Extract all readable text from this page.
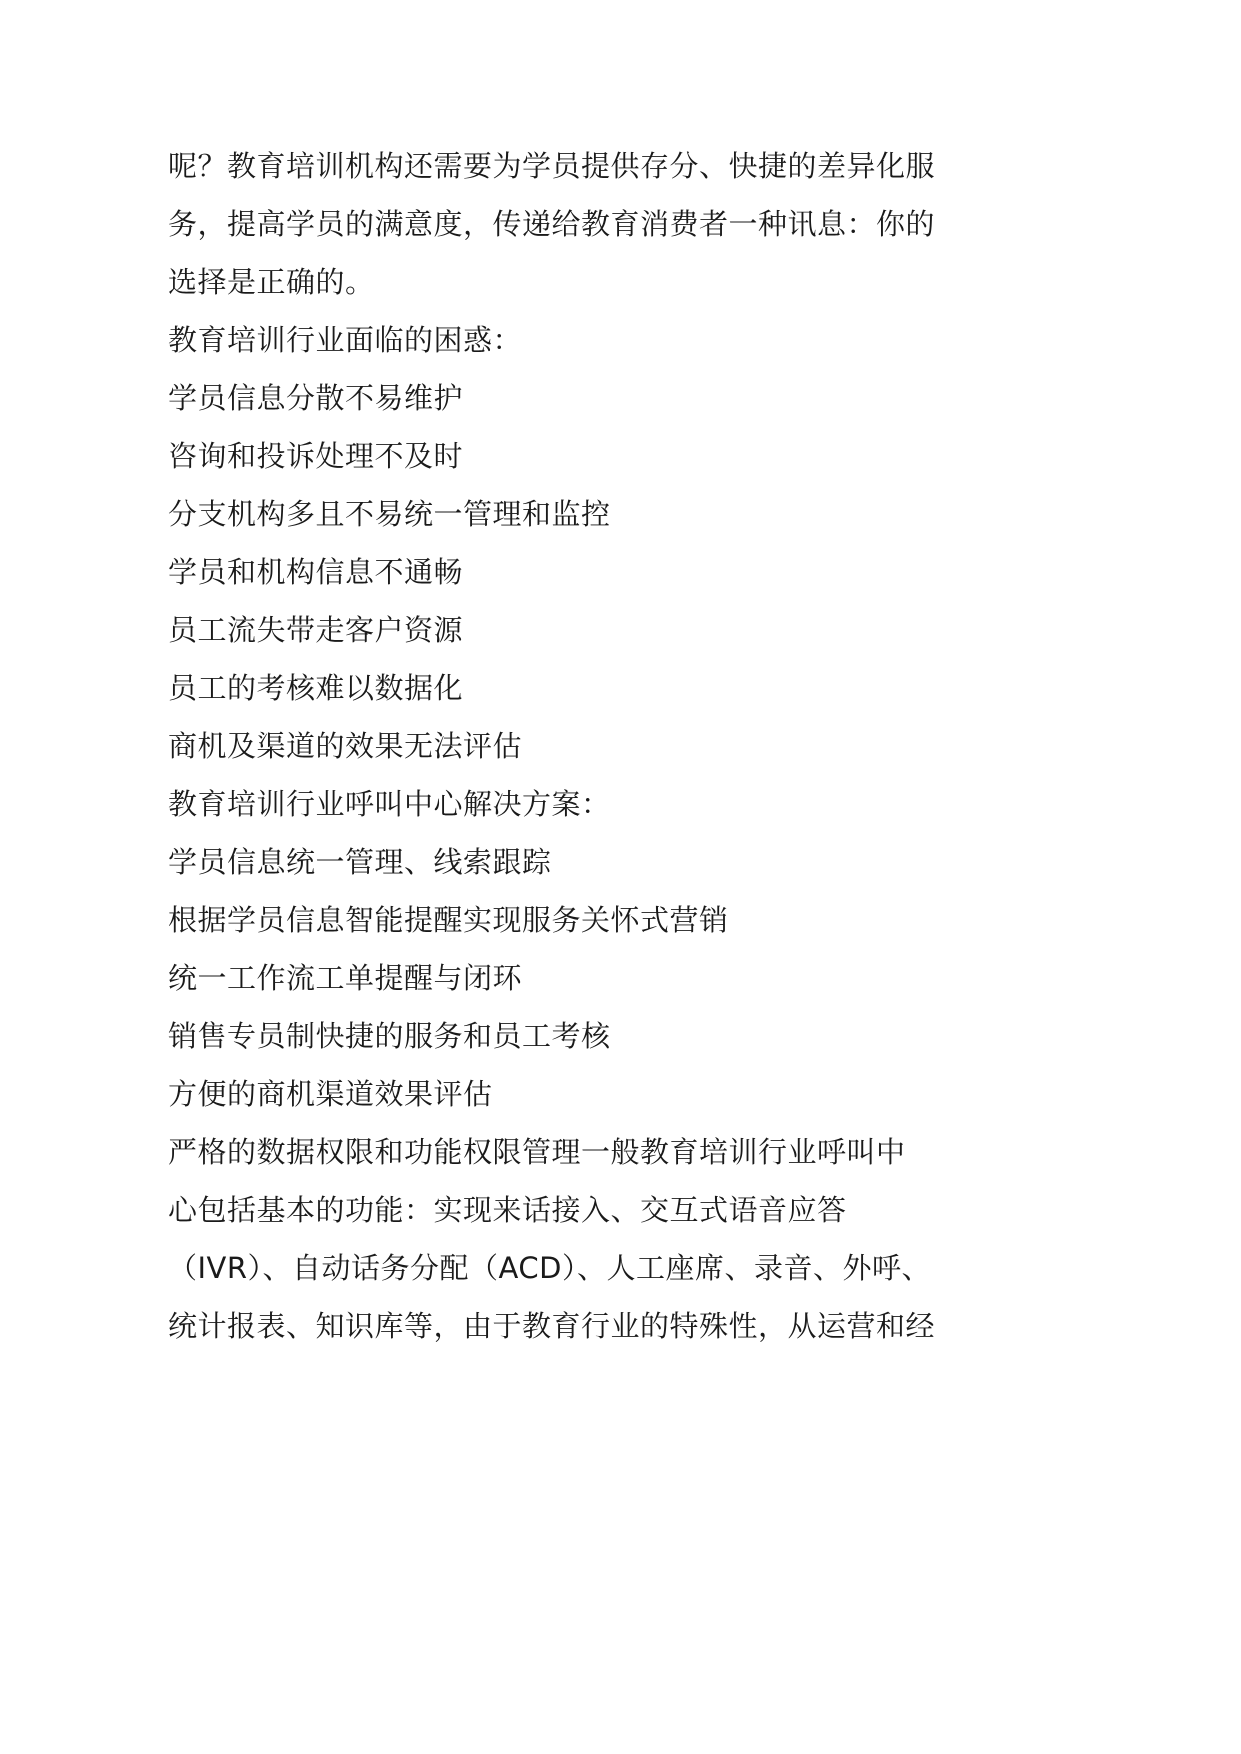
呢？教育培训机构还需要为学员提供存分、快捷的差异化服
务，提高学员的满意度，传递给教育消费者一种讯息：你的
选择是正确的。
教育培训行业面临的困惑：
学员信息分散不易维护
咨询和投诉处理不及时
分支机构多且不易统一管理和监控
学员和机构信息不通畅
员工流失带走客户资源
员工的考核难以数据化
商机及渠道的效果无法评估
教育培训行业呼叫中心解决方案：
学员信息统一管理、线索跟踪
根据学员信息智能提醒实现服务关怀式营销
统一工作流工单提醒与闭环
销售专员制快捷的服务和员工考核
方便的商机渠道效果评估
严格的数据权限和功能权限管理一般教育培训行业呼叫中
心包括基本的功能：实现来话接入、交互式语音应答
（IVR）、自动话务分配（ACD）、人工座席、录音、外呼、
统计报表、知识库等，由于教育行业的特殊性，从运营和经
